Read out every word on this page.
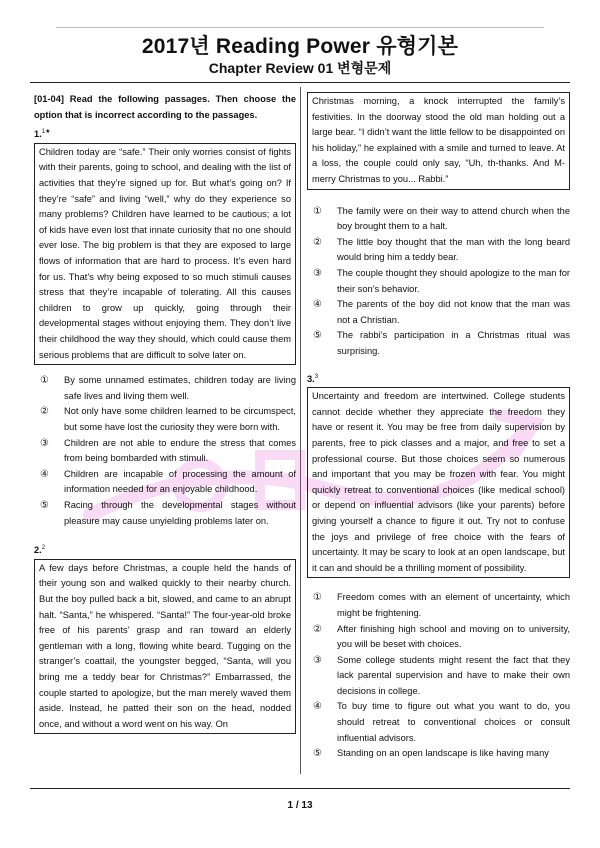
2017년 Reading Power 유형기본
Chapter Review 01 변형문제
[01-04] Read the following passages. Then choose the option that is incorrect according to the passages.
1.$^{1★}$
Children today are “safe.” Their only worries consist of fights with their parents, going to school, and dealing with the list of activities that they’re signed up for. But what’s going on? If they’re “safe” and living “well,” why do they experience so many problems? Children have learned to be cautious; a lot of kids have even lost that innate curiosity that no one should ever lose. The big problem is that they are exposed to large flows of information that are hard to process. It’s even hard for us. That’s why being exposed to so much stimuli causes stress that they’re incapable of tolerating. All this causes children to grow up quickly, going through their developmental stages without enjoying them. They don’t live their childhood the way they should, which could cause them serious problems that are difficult to solve later on.
①	By some unnamed estimates, children today are living safe lives and living them well.
②	Not only have some children learned to be circumspect, but some have lost the curiosity they were born with.
③	Children are not able to endure the stress that comes from being bombarded with stimuli.
④	Children are incapable of processing the amount of information needed for an enjoyable childhood.
⑤	Racing through the developmental stages without pleasure may cause unyielding problems later on.
2.$^2$
A few days before Christmas, a couple held the hands of their young son and walked quickly to their nearby church. But the boy pulled back a bit, slowed, and came to an abrupt halt. “Santa,” he whispered. “Santa!” The four-year-old broke free of his parents’ grasp and ran toward an elderly gentleman with a long, flowing white beard. Tugging on the stranger’s coattail, the youngster begged, “Santa, will you bring me a teddy bear for Christmas?” Embarrassed, the couple started to apologize, but the man merely waved them aside. Instead, he patted their son on the head, nodded once, and without a word went on his way. On
Christmas morning, a knock interrupted the family’s festivities. In the doorway stood the old man holding out a large bear. “I didn’t want the little fellow to be disappointed on his holiday,” he explained with a smile and turned to leave. At a loss, the couple could only say, “Uh, th-thanks. And M-merry Christmas to you... Rabbi.”
①	The family were on their way to attend church when the boy brought them to a halt.
②	The little boy thought that the man with the long beard would bring him a teddy bear.
③	The couple thought they should apologize to the man for their son’s behavior.
④	The parents of the boy did not know that the man was not a Christian.
⑤	The rabbi’s participation in a Christmas ritual was surprising.
3.$^3$
Uncertainty and freedom are intertwined. College students cannot decide whether they appreciate the freedom they have or resent it. You may be free from daily supervision by parents, free to pick classes and a major, and free to set a professional course. But those choices seem so numerous and important that you may be frozen with fear. You might quickly retreat to conventional choices (like medical school) or depend on influential advisors (like your parents) before giving yourself a chance to figure it out. Try not to confuse the joys and privilege of free choice with the fears of uncertainty. It may be scary to look at an open landscape, but it can and should be a thrilling moment of possibility.
①	Freedom comes with an element of uncertainty, which might be frightening.
②	After finishing high school and moving on to university, you will be beset with choices.
③	Some college students might resent the fact that they lack parental supervision and have to make their own decisions in college.
④	To buy time to figure out what you want to do, you should retreat to conventional choices or consult influential advisors.
⑤	Standing on an open landscape is like having many
1 / 13
